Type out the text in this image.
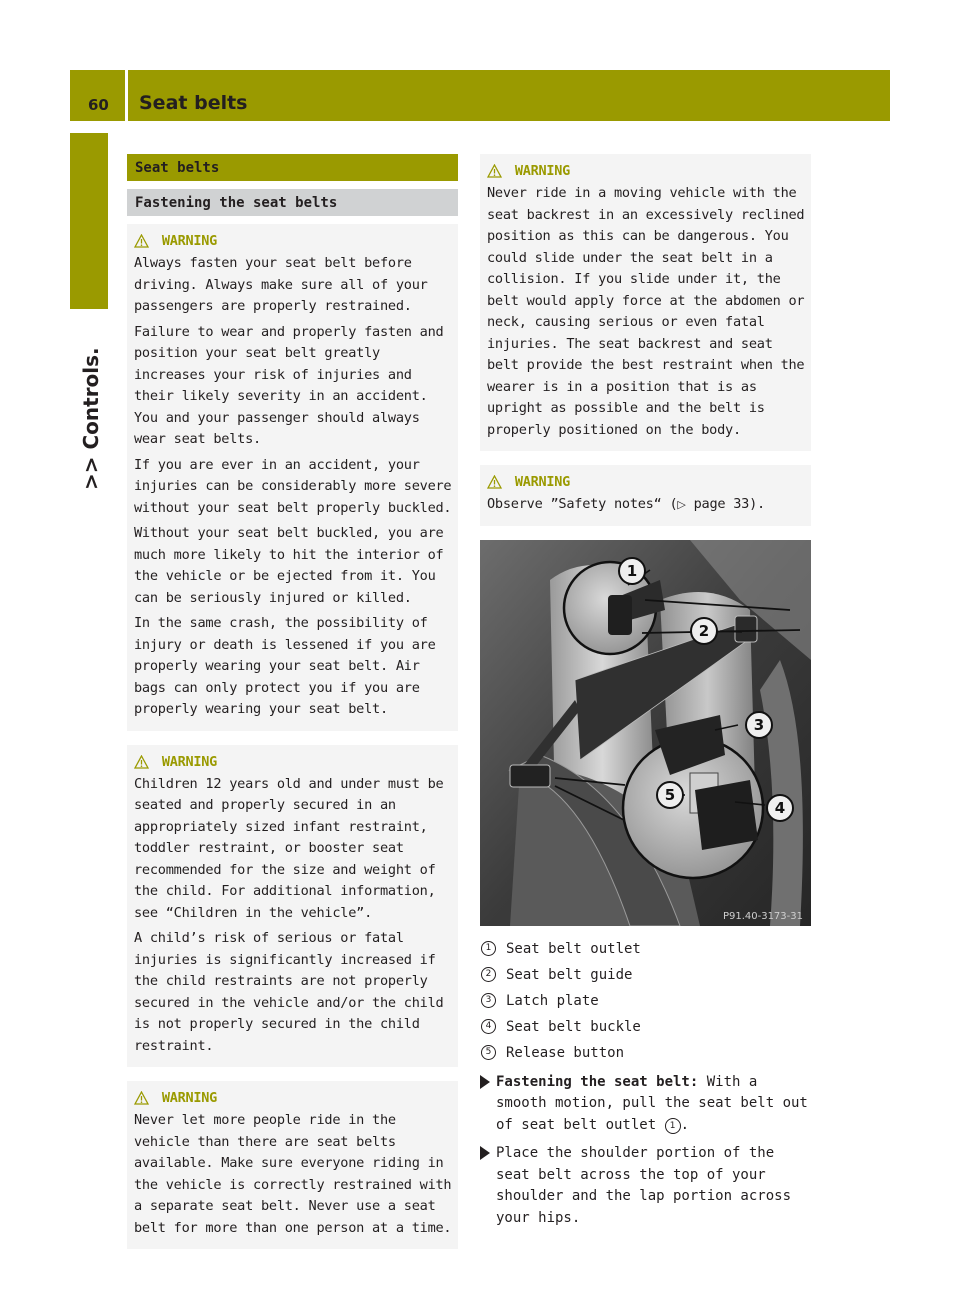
60 Seat belts
>> Controls.
Seat belts
Fastening the seat belts
WARNING

Always fasten your seat belt before driving. Always make sure all of your passengers are properly restrained.

Failure to wear and properly fasten and position your seat belt greatly increases your risk of injuries and their likely severity in an accident. You and your passenger should always wear seat belts.

If you are ever in an accident, your injuries can be considerably more severe without your seat belt properly buckled.

Without your seat belt buckled, you are much more likely to hit the interior of the vehicle or be ejected from it. You can be seriously injured or killed.

In the same crash, the possibility of injury or death is lessened if you are properly wearing your seat belt. Air bags can only protect you if you are properly wearing your seat belt.

WARNING

Children 12 years old and under must be seated and properly secured in an appropriately sized infant restraint, toddler restraint, or booster seat recommended for the size and weight of the child. For additional information, see “Children in the vehicle”.

A child’s risk of serious or fatal injuries is significantly increased if the child restraints are not properly secured in the vehicle and/or the child is not properly secured in the child restraint.

WARNING

Never let more people ride in the vehicle than there are seat belts available. Make sure everyone riding in the vehicle is correctly restrained with a separate seat belt. Never use a seat belt for more than one person at a time.

WARNING

Never ride in a moving vehicle with the seat backrest in an excessively reclined position as this can be dangerous. You could slide under the seat belt in a collision. If you slide under it, the belt would apply force at the abdomen or neck, causing serious or even fatal injuries. The seat backrest and seat belt provide the best restraint when the wearer is in a position that is as upright as possible and the belt is properly positioned on the body.

WARNING

Observe ”Safety notes“ (▷ page 33).

1
2
3
4
5
P91.40-3173-31
1	Seat belt outlet
2	Seat belt guide
3	Latch plate
4	Seat belt buckle
5	Release button
Fastening the seat belt: With a smooth motion, pull the seat belt out of seat belt outlet 1 .
Place the shoulder portion of the seat belt across the top of your shoulder and the lap portion across your hips.
